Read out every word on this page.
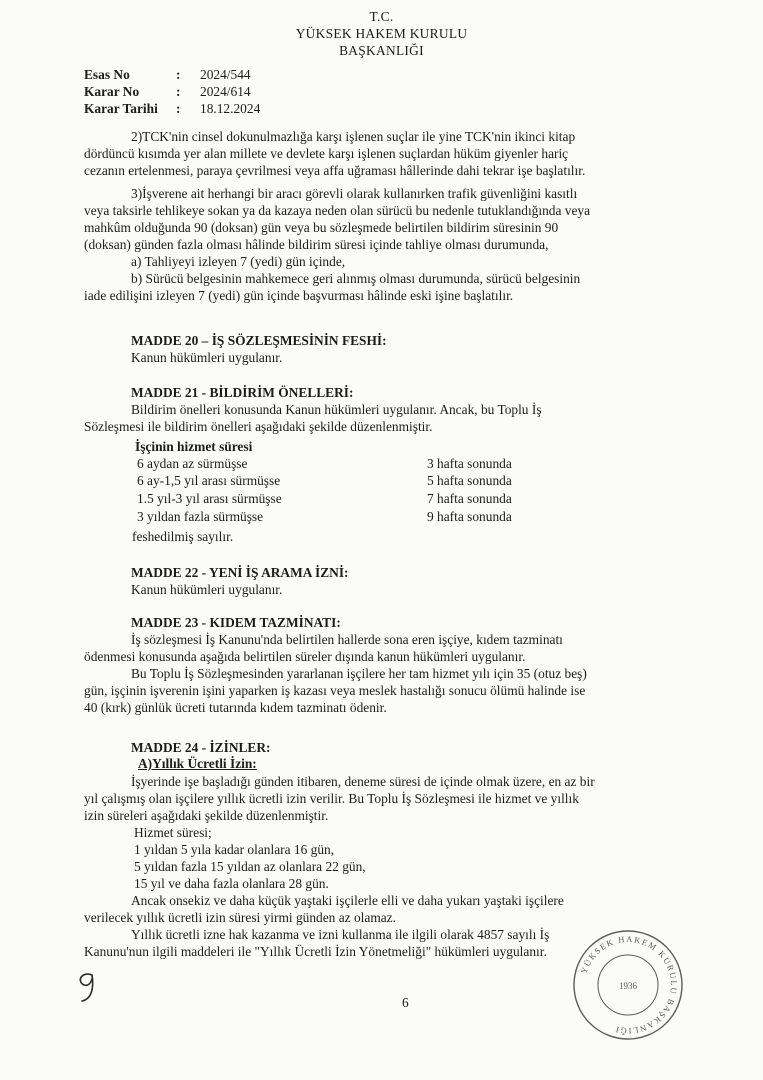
T.C.
YÜKSEK HAKEM KURULU
BAŞKANLIĞI
Esas No	:	2024/544
Karar No	:	2024/614
Karar Tarihi	:	18.12.2024

2)TCK'nin cinsel dokunulmazlığa karşı işlenen suçlar ile yine TCK'nin ikinci kitap

dördüncü kısımda yer alan millete ve devlete karşı işlenen suçlardan hüküm giyenler hariç

cezanın ertelenmesi, paraya çevrilmesi veya affa uğraması hâllerinde dahi tekrar işe başlatılır.

3)İşverene ait herhangi bir aracı görevli olarak kullanırken trafik güvenliğini kasıtlı

veya taksirle tehlikeye sokan ya da kazaya neden olan sürücü bu nedenle tutuklandığında veya

mahkûm olduğunda 90 (doksan) gün veya bu sözleşmede belirtilen bildirim süresinin 90

(doksan) günden fazla olması hâlinde bildirim süresi içinde tahliye olması durumunda,

a) Tahliyeyi izleyen 7 (yedi) gün içinde,

b) Sürücü belgesinin mahkemece geri alınmış olması durumunda, sürücü belgesinin

iade edilişini izleyen 7 (yedi) gün içinde başvurması hâlinde eski işine başlatılır.

MADDE 20 – İŞ SÖZLEŞMESİNİN FESHİ:
Kanun hükümleri uygulanır.
MADDE 21 - BİLDİRİM ÖNELLERİ:

Bildirim önelleri konusunda Kanun hükümleri uygulanır. Ancak, bu Toplu İş

Sözleşmesi ile bildirim önelleri aşağıdaki şekilde düzenlenmiştir.

İşçinin hizmet süresi
6 aydan az sürmüşse	3 hafta sonunda
6 ay-1,5 yıl arası sürmüşse	5 hafta sonunda
1.5 yıl-3 yıl arası sürmüşse	7 hafta sonunda
3 yıldan fazla sürmüşse	9 hafta sonunda
feshedilmiş sayılır.
MADDE 22 - YENİ İŞ ARAMA İZNİ:
Kanun hükümleri uygulanır.
MADDE 23 - KIDEM TAZMİNATI:

İş sözleşmesi İş Kanunu'nda belirtilen hallerde sona eren işçiye, kıdem tazminatı

ödenmesi konusunda aşağıda belirtilen süreler dışında kanun hükümleri uygulanır.

Bu Toplu İş Sözleşmesinden yararlanan işçilere her tam hizmet yılı için 35 (otuz beş)

gün, işçinin işverenin işini yaparken iş kazası veya meslek hastalığı sonucu ölümü halinde ise

40 (kırk) günlük ücreti tutarında kıdem tazminatı ödenir.

MADDE 24 - İZİNLER:
A)Yıllık Ücretli İzin:

İşyerinde işe başladığı günden itibaren, deneme süresi de içinde olmak üzere, en az bir

yıl çalışmış olan işçilere yıllık ücretli izin verilir. Bu Toplu İş Sözleşmesi ile hizmet ve yıllık

izin süreleri aşağıdaki şekilde düzenlenmiştir.

Hizmet süresi;

1 yıldan 5 yıla kadar olanlara 16 gün,

5 yıldan fazla 15 yıldan az olanlara 22 gün,

15 yıl ve daha fazla olanlara 28 gün.

Ancak onsekiz ve daha küçük yaştaki işçilerle elli ve daha yukarı yaştaki işçilere

verilecek yıllık ücretli izin süresi yirmi günden az olamaz.

Yıllık ücretli izne hak kazanma ve izni kullanma ile ilgili olarak 4857 sayılı İş

Kanunu'nun ilgili maddeleri ile "Yıllık Ücretli İzin Yönetmeliği" hükümleri uygulanır.

6
YÜKSEK HAKEM KURULU BAŞKANLIĞI
1936
